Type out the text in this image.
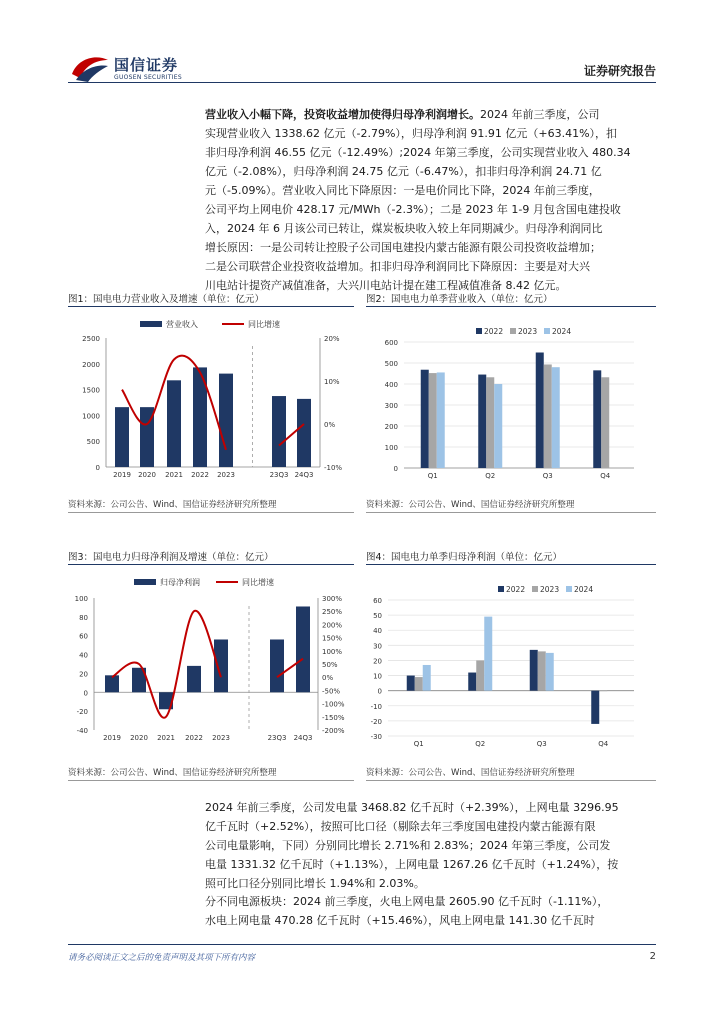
国信证券
GUOSEN SECURITIES	证券研究报告
营业收入小幅下降，投资收益增加使得归母净利润增长。2024 年前三季度，公司
实现营业收入 1338.62 亿元（-2.79%），归母净利润 91.91 亿元（+63.41%），扣
非归母净利润 46.55 亿元（-12.49%）;2024 年第三季度，公司实现营业收入 480.34
亿元（-2.08%），归母净利润 24.75 亿元（-6.47%），扣非归母净利润 24.71 亿
元（-5.09%）。营业收入同比下降原因：一是电价同比下降，2024 年前三季度，
公司平均上网电价 428.17 元/MWh（-2.3%）；二是 2023 年 1-9 月包含国电建投收
入，2024 年 6 月该公司已转让，煤炭板块收入较上年同期减少。归母净利润同比
增长原因：一是公司转让控股子公司国电建投内蒙古能源有限公司投资收益增加；
二是公司联营企业投资收益增加。扣非归母净利润同比下降原因：主要是对大兴
川电站计提资产减值准备，大兴川电站计提在建工程减值准备 8.42 亿元。
图1：国电电力营业收入及增速（单位：亿元）	图2：国电电力单季营业收入（单位：亿元）
营业收入	同比增速
0
500
1000
1500
2000
2500	20%
10%
0%
-10%
2019 2020 2021 2022 2023	23Q3 24Q3
2022 2023 2024
0
100
200
300
400
500
600
Q1	Q2	Q3	Q4
资料来源：公司公告、Wind、国信证券经济研究所整理	资料来源：公司公告、Wind、国信证券经济研究所整理
图3：国电电力归母净利润及增速（单位：亿元）	图4：国电电力单季归母净利润（单位：亿元）
归母净利润	同比增速
-40
-20
0
20
40
60
80
100	300%
250%
200%
150%
100%
50%
0%
-50%
-100%
-150%
-200%
2019 2020 2021 2022 2023	23Q3 24Q3
2022 2023 2024
-30
-20
-10
0
10
20
30
40
50
60
Q1	Q2	Q3	Q4
资料来源：公司公告、Wind、国信证券经济研究所整理	资料来源：公司公告、Wind、国信证券经济研究所整理
2024 年前三季度，公司发电量 3468.82 亿千瓦时（+2.39%），上网电量 3296.95
亿千瓦时（+2.52%），按照可比口径（剔除去年三季度国电建投内蒙古能源有限
公司电量影响，下同）分别同比增长 2.71%和 2.83%；2024 年第三季度，公司发
电量 1331.32 亿千瓦时（+1.13%），上网电量 1267.26 亿千瓦时（+1.24%），按
照可比口径分别同比增长 1.94%和 2.03%。
分不同电源板块：2024 前三季度，火电上网电量 2605.90 亿千瓦时（-1.11%），
水电上网电量 470.28 亿千瓦时（+15.46%），风电上网电量 141.30 亿千瓦时
请务必阅读正文之后的免责声明及其项下所有内容	2
